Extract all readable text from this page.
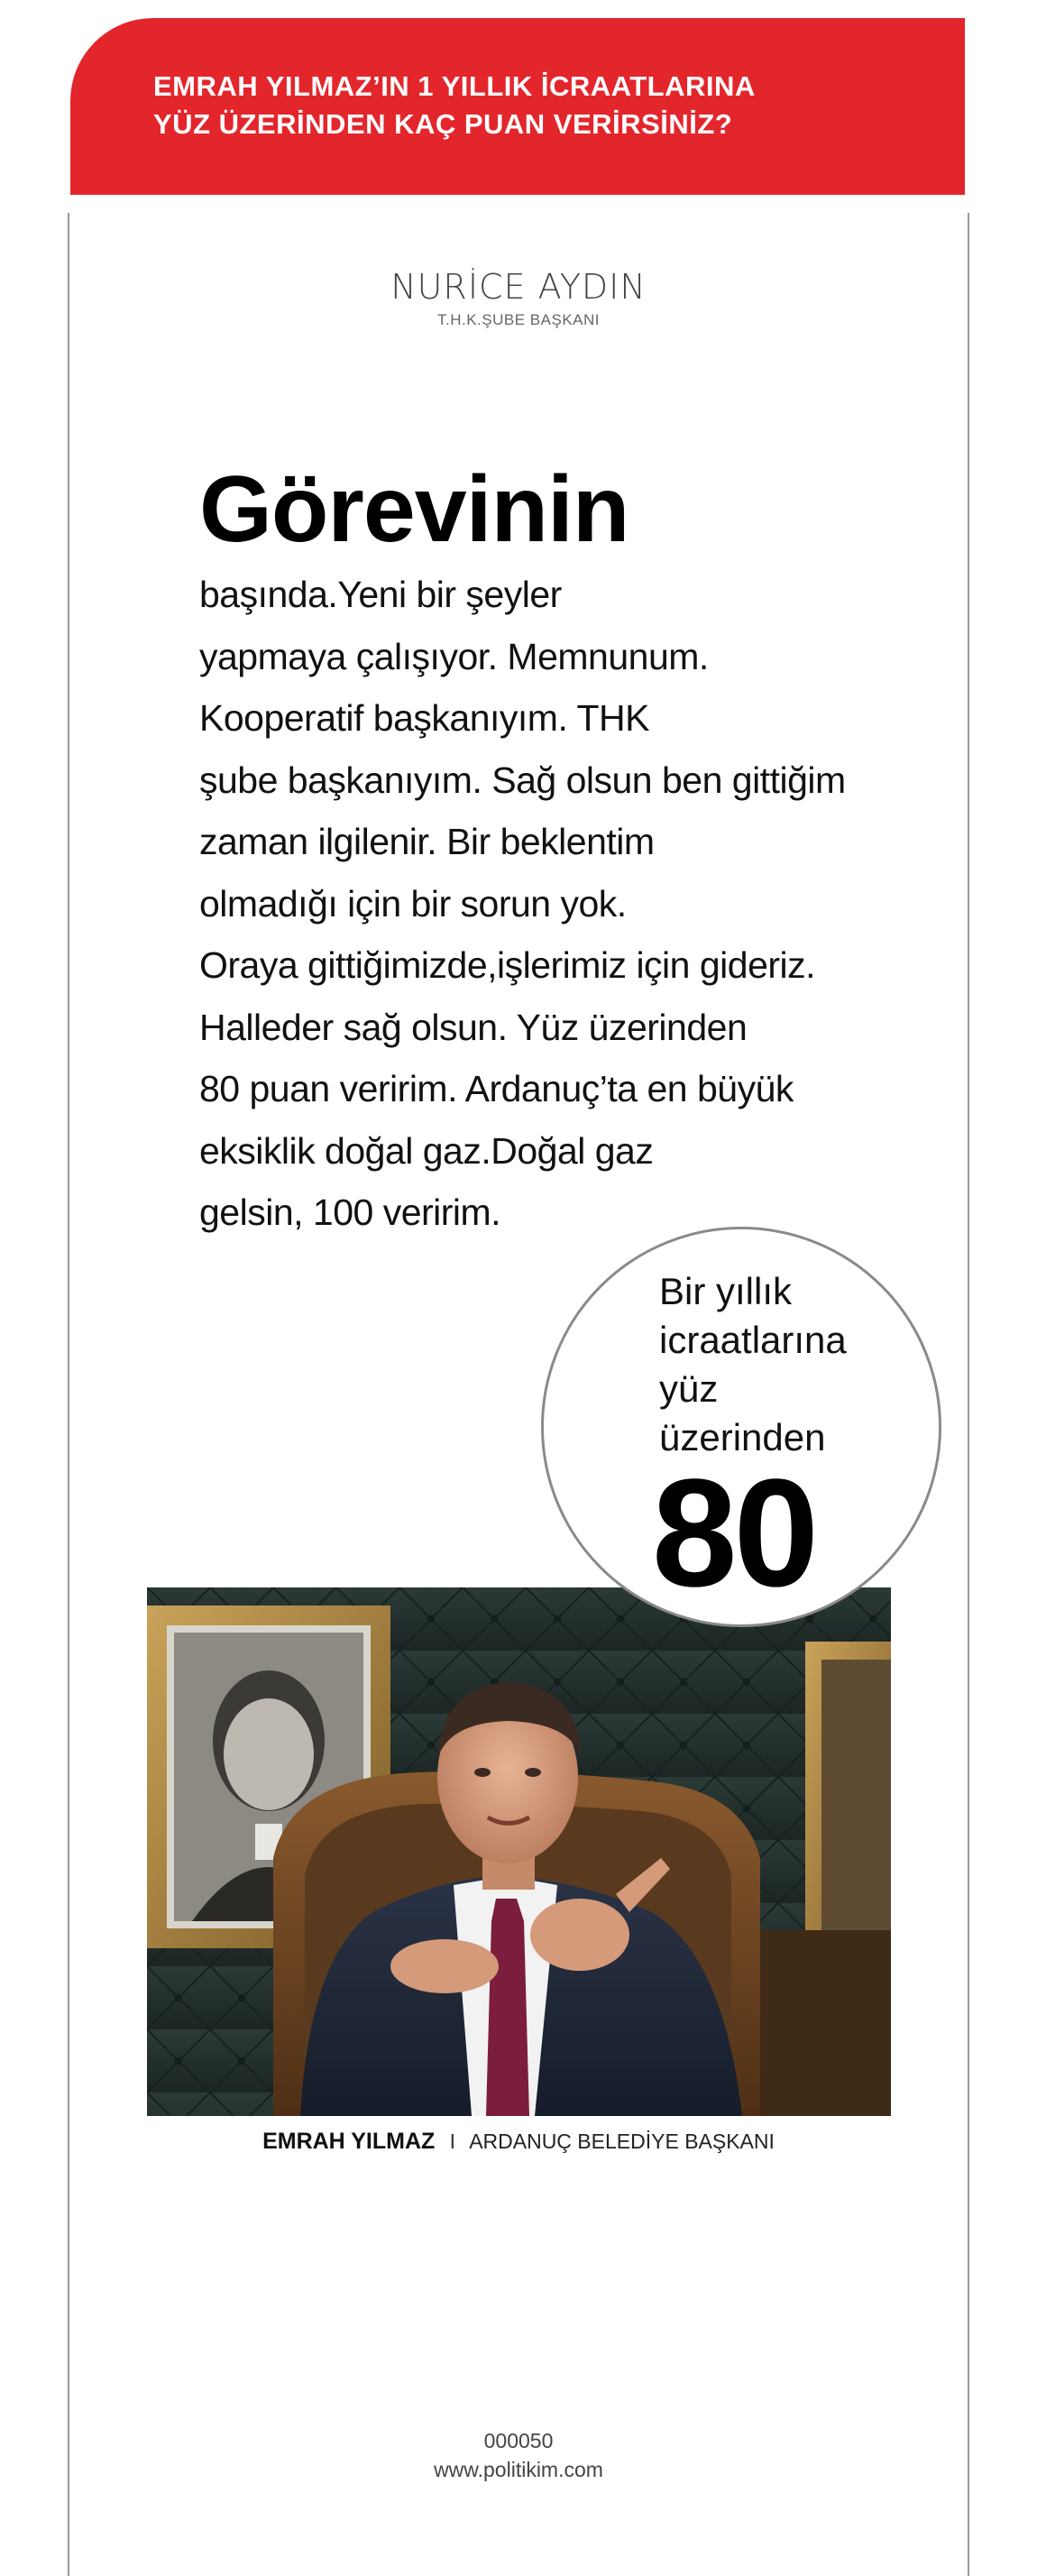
EMRAH YILMAZ’IN 1 YILLIK İCRAATLARINA
YÜZ ÜZERİNDEN KAÇ PUAN VERİRSİNİZ?
NURİCE AYDIN
T.H.K.ŞUBE BAŞKANI
Görevinin
başında.Yeni bir şeyler
yapmaya çalışıyor. Memnunum.
Kooperatif başkanıyım. THK
şube başkanıyım. Sağ olsun ben gittiğim
zaman ilgilenir. Bir beklentim
olmadığı için bir sorun yok.
Oraya gittiğimizde,işlerimiz için gideriz.
Halleder sağ olsun. Yüz üzerinden
80 puan veririm. Ardanuç’ta en büyük
eksiklik doğal gaz.Doğal gaz
gelsin, 100 veririm.
Bir yıllık
icraatlarına
yüz
üzerinden
80
EMRAH YILMAZ I ARDANUÇ BELEDİYE BAŞKANI
000050
www.politikim.com
